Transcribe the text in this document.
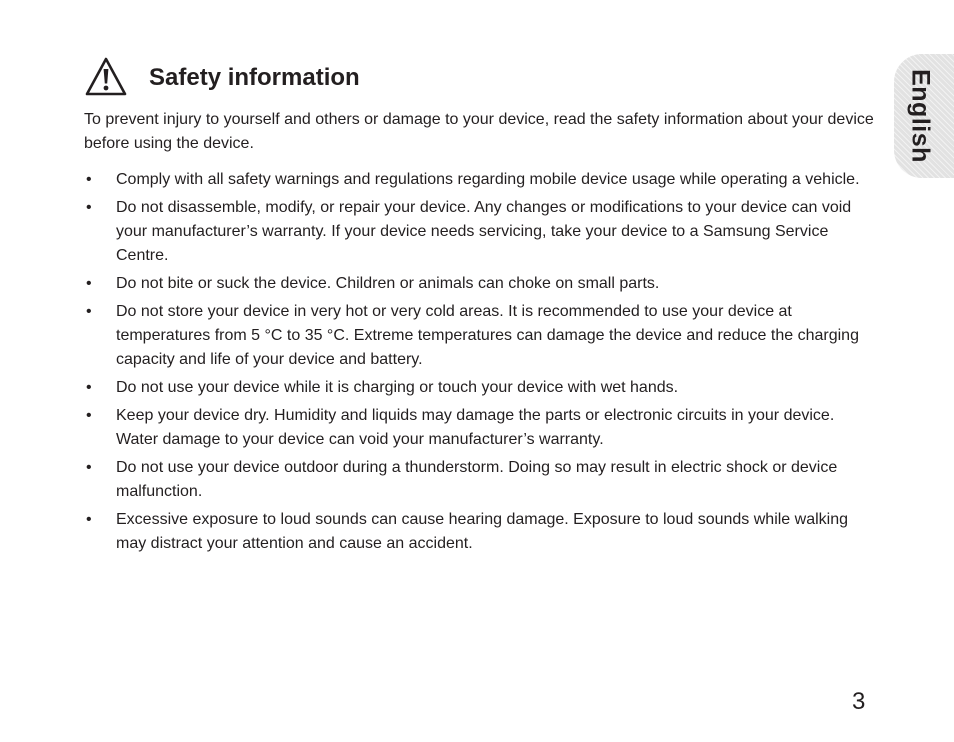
Safety information

To prevent injury to yourself and others or damage to your device, read the safety information about your device before using the device.

• Comply with all safety warnings and regulations regarding mobile device usage while operating a vehicle.
• Do not disassemble, modify, or repair your device. Any changes or modifications to your device can void your manufacturer’s warranty. If your device needs servicing, take your device to a Samsung Service Centre.
• Do not bite or suck the device. Children or animals can choke on small parts.
• Do not store your device in very hot or very cold areas. It is recommended to use your device at temperatures from 5 °C to 35 °C. Extreme temperatures can damage the device and reduce the charging capacity and life of your device and battery.
• Do not use your device while it is charging or touch your device with wet hands.
• Keep your device dry. Humidity and liquids may damage the parts or electronic circuits in your device. Water damage to your device can void your manufacturer’s warranty.
• Do not use your device outdoor during a thunderstorm. Doing so may result in electric shock or device malfunction.
• Excessive exposure to loud sounds can cause hearing damage. Exposure to loud sounds while walking may distract your attention and cause an accident.
English
3
